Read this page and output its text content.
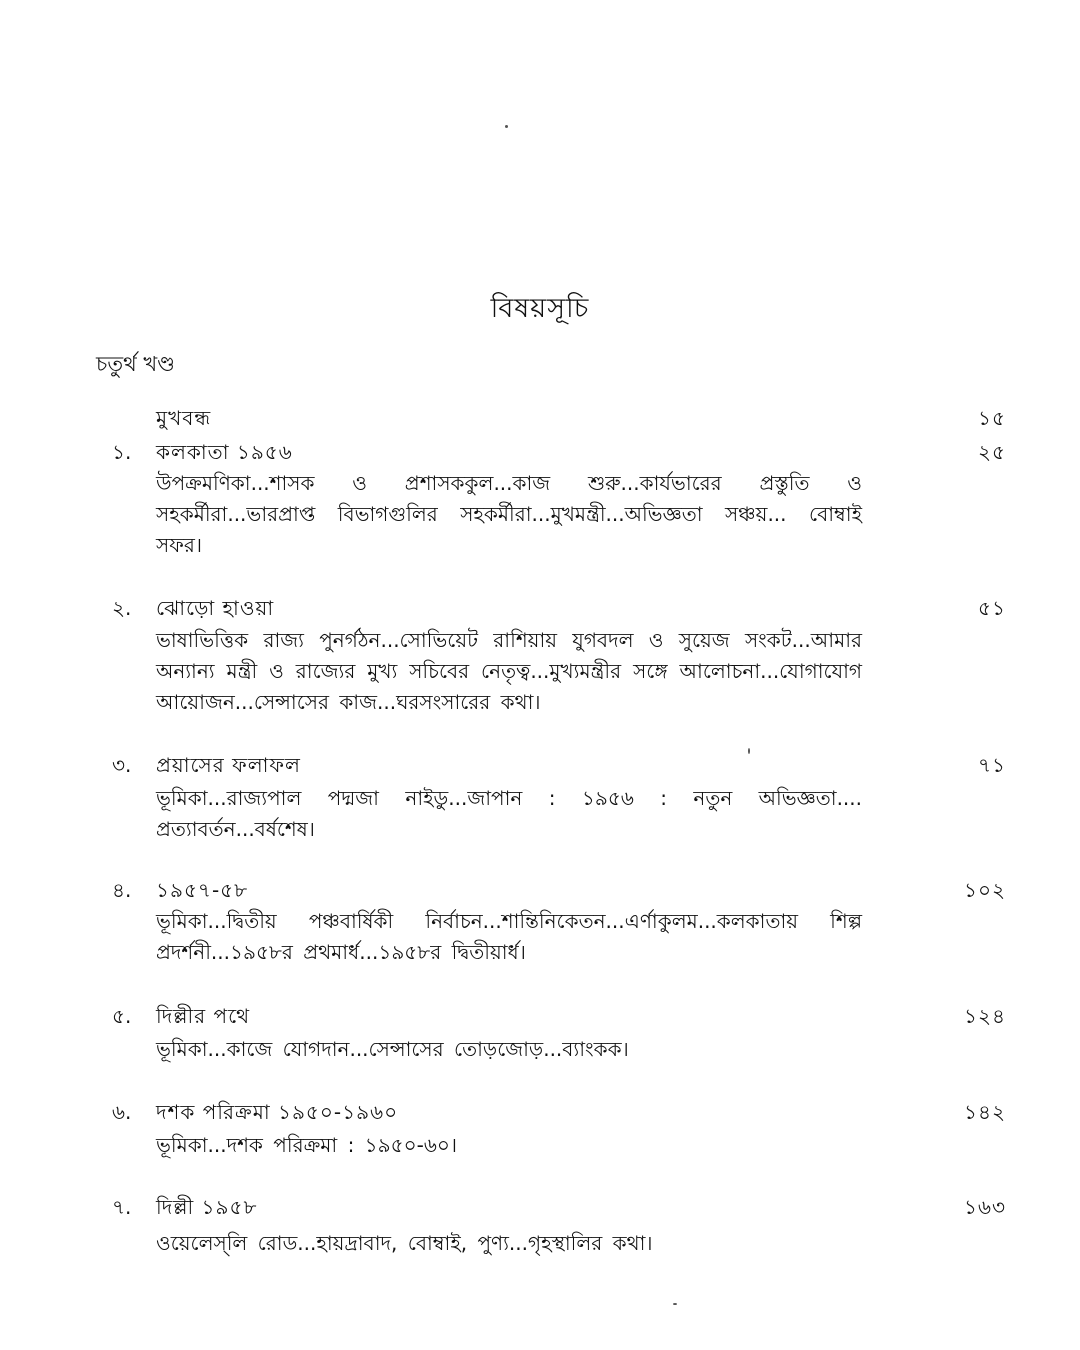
বিষয়সূচি
চতুর্থ খণ্ড
মুখবন্ধ	১৫
১.	কলকাতা ১৯৫৬	২৫
উপক্রমণিকা...শাসক ও প্রশাসককুল...কাজ শুরু...কার্যভারের প্রস্তুতি ও সহকর্মীরা...ভারপ্রাপ্ত বিভাগগুলির সহকর্মীরা...মুখমন্ত্রী...অভিজ্ঞতা সঞ্চয়... বোম্বাই সফর।
২.	ঝোড়ো হাওয়া	৫১
ভাষাভিত্তিক রাজ্য পুনর্গঠন...সোভিয়েট রাশিয়ায় যুগবদল ও সুয়েজ সংকট...আমার অন্যান্য মন্ত্রী ও রাজ্যের মুখ্য সচিবের নেতৃত্ব...মুখ্যমন্ত্রীর সঙ্গে আলোচনা...যোগাযোগ আয়োজন...সেন্সাসের কাজ...ঘরসংসারের কথা।
৩.	প্রয়াসের ফলাফল	৭১
ভূমিকা...রাজ্যপাল পদ্মজা নাইডু...জাপান : ১৯৫৬ : নতুন অভিজ্ঞতা.... প্রত্যাবর্তন...বর্ষশেষ।
৪.	১৯৫৭-৫৮	১০২
ভূমিকা...দ্বিতীয় পঞ্চবার্ষিকী নির্বাচন...শান্তিনিকেতন...এর্ণাকুলম...কলকাতায় শিল্প প্রদর্শনী...১৯৫৮র প্রথমার্ধ...১৯৫৮র দ্বিতীয়ার্ধ।
৫.	দিল্লীর পথে	১২৪
ভূমিকা...কাজে যোগদান...সেন্সাসের তোড়জোড়...ব্যাংকক।
৬.	দশক পরিক্রমা ১৯৫০-১৯৬০	১৪২
ভূমিকা...দশক পরিক্রমা : ১৯৫০-৬০।
৭.	দিল্লী ১৯৫৮	১৬৩
ওয়েলেস্‌লি রোড...হায়দ্রাবাদ, বোম্বাই, পুণ্য...গৃহস্থালির কথা।
